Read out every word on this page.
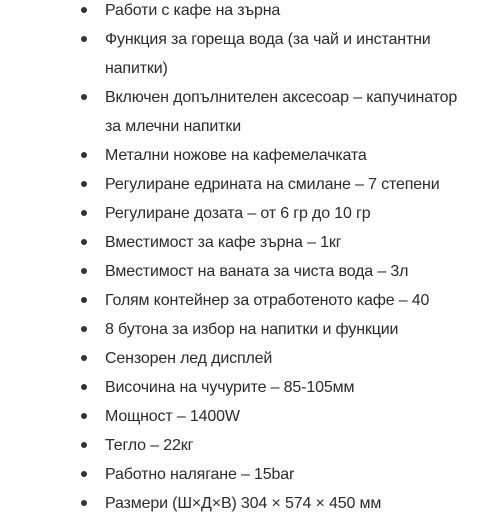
Работи с кафе на зърна
Функция за гореща вода (за чай и инстантни напитки)
Включен допълнителен аксесоар – капучинатор за млечни напитки
Метални ножове на кафемелачката
Регулиране едрината на смилане – 7 степени
Регулиране дозата – от 6 гр до 10 гр
Вместимост за кафе зърна – 1кг
Вместимост на ваната за чиста вода – 3л
Голям контейнер за отработеното кафе – 40
8 бутона за избор на напитки и функции
Сензорен лед дисплей
Височина на чучурите – 85-105мм
Мощност – 1400W
Тегло – 22кг
Работно налягане – 15bar
Размери (Ш×Д×В) 304 × 574 × 450 мм
